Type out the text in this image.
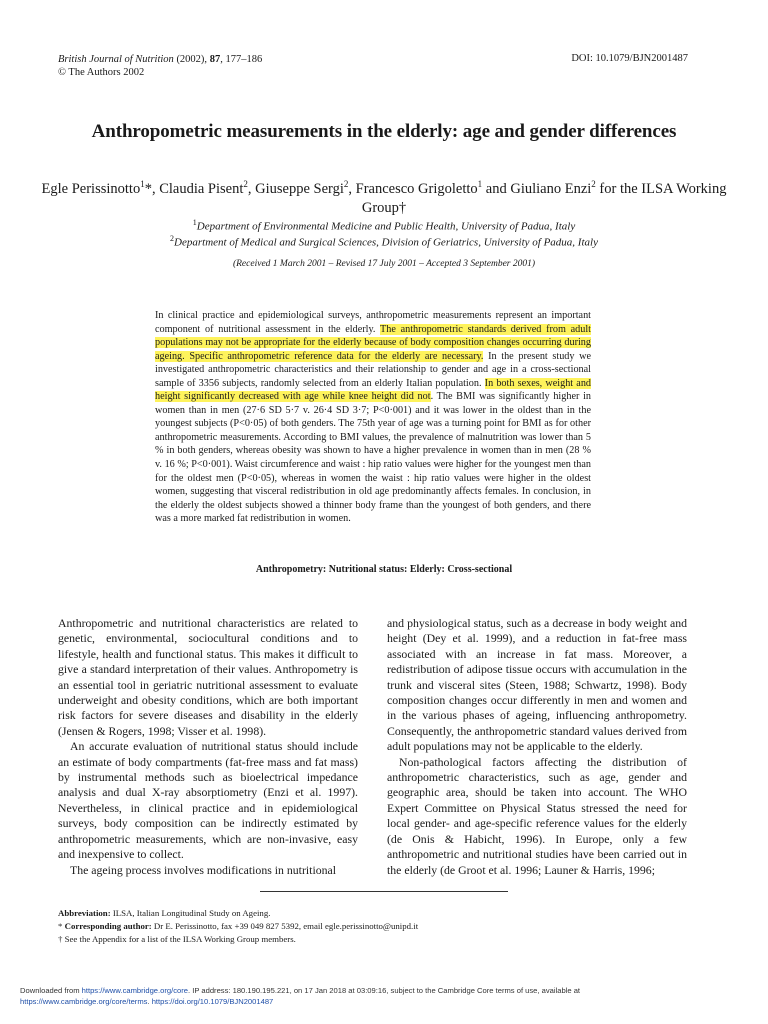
British Journal of Nutrition (2002), 87, 177–186
© The Authors 2002
DOI: 10.1079/BJN2001487
Anthropometric measurements in the elderly: age and gender differences
Egle Perissinotto$^1$*, Claudia Pisent$^2$, Giuseppe Sergi$^2$, Francesco Grigoletto$^1$ and Giuliano Enzi$^2$ for the ILSA Working Group†
$^1$Department of Environmental Medicine and Public Health, University of Padua, Italy
$^2$Department of Medical and Surgical Sciences, Division of Geriatrics, University of Padua, Italy
(Received 1 March 2001 – Revised 17 July 2001 – Accepted 3 September 2001)
In clinical practice and epidemiological surveys, anthropometric measurements represent an important component of nutritional assessment in the elderly. The anthropometric standards derived from adult populations may not be appropriate for the elderly because of body composition changes occurring during ageing. Specific anthropometric reference data for the elderly are necessary. In the present study we investigated anthropometric characteristics and their relationship to gender and age in a cross-sectional sample of 3356 subjects, randomly selected from an elderly Italian population. In both sexes, weight and height significantly decreased with age while knee height did not. The BMI was significantly higher in women than in men (27·6 SD 5·7 v. 26·4 SD 3·7; P<0·001) and it was lower in the oldest than in the youngest subjects (P<0·05) of both genders. The 75th year of age was a turning point for BMI as for other anthropometric measurements. According to BMI values, the prevalence of malnutrition was lower than 5 % in both genders, whereas obesity was shown to have a higher prevalence in women than in men (28 % v. 16 %; P<0·001). Waist circumference and waist : hip ratio values were higher for the youngest men than for the oldest men (P<0·05), whereas in women the waist : hip ratio values were higher in the oldest women, suggesting that visceral redistribution in old age predominantly affects females. In conclusion, in the elderly the oldest subjects showed a thinner body frame than the youngest of both genders, and there was a more marked fat redistribution in women.
Anthropometry: Nutritional status: Elderly: Cross-sectional

Anthropometric and nutritional characteristics are related to genetic, environmental, sociocultural conditions and to lifestyle, health and functional status. This makes it difficult to give a standard interpretation of their values. Anthropometry is an essential tool in geriatric nutritional assessment to evaluate underweight and obesity conditions, which are both important risk factors for severe diseases and disability in the elderly (Jensen & Rogers, 1998; Visser et al. 1998).

An accurate evaluation of nutritional status should include an estimate of body compartments (fat-free mass and fat mass) by instrumental methods such as bioelectrical impedance analysis and dual X-ray absorptiometry (Enzi et al. 1997). Nevertheless, in clinical practice and in epidemiological surveys, body composition can be indirectly estimated by anthropometric measurements, which are non-invasive, easy and inexpensive to collect.

The ageing process involves modifications in nutritional

and physiological status, such as a decrease in body weight and height (Dey et al. 1999), and a reduction in fat-free mass associated with an increase in fat mass. Moreover, a redistribution of adipose tissue occurs with accumulation in the trunk and visceral sites (Steen, 1988; Schwartz, 1998). Body composition changes occur differently in men and women and in the various phases of ageing, influencing anthropometry. Consequently, the anthropometric standard values derived from adult populations may not be applicable to the elderly.

Non-pathological factors affecting the distribution of anthropometric characteristics, such as age, gender and geographic area, should be taken into account. The WHO Expert Committee on Physical Status stressed the need for local gender- and age-specific reference values for the elderly (de Onis & Habicht, 1996). In Europe, only a few anthropometric and nutritional studies have been carried out in the elderly (de Groot et al. 1996; Launer & Harris, 1996;

Abbreviation: ILSA, Italian Longitudinal Study on Ageing.
* Corresponding author: Dr E. Perissinotto, fax +39 049 827 5392, email egle.perissinotto@unipd.it
† See the Appendix for a list of the ILSA Working Group members.
Downloaded from https://www.cambridge.org/core. IP address: 180.190.195.221, on 17 Jan 2018 at 03:09:16, subject to the Cambridge Core terms of use, available at
https://www.cambridge.org/core/terms. https://doi.org/10.1079/BJN2001487
